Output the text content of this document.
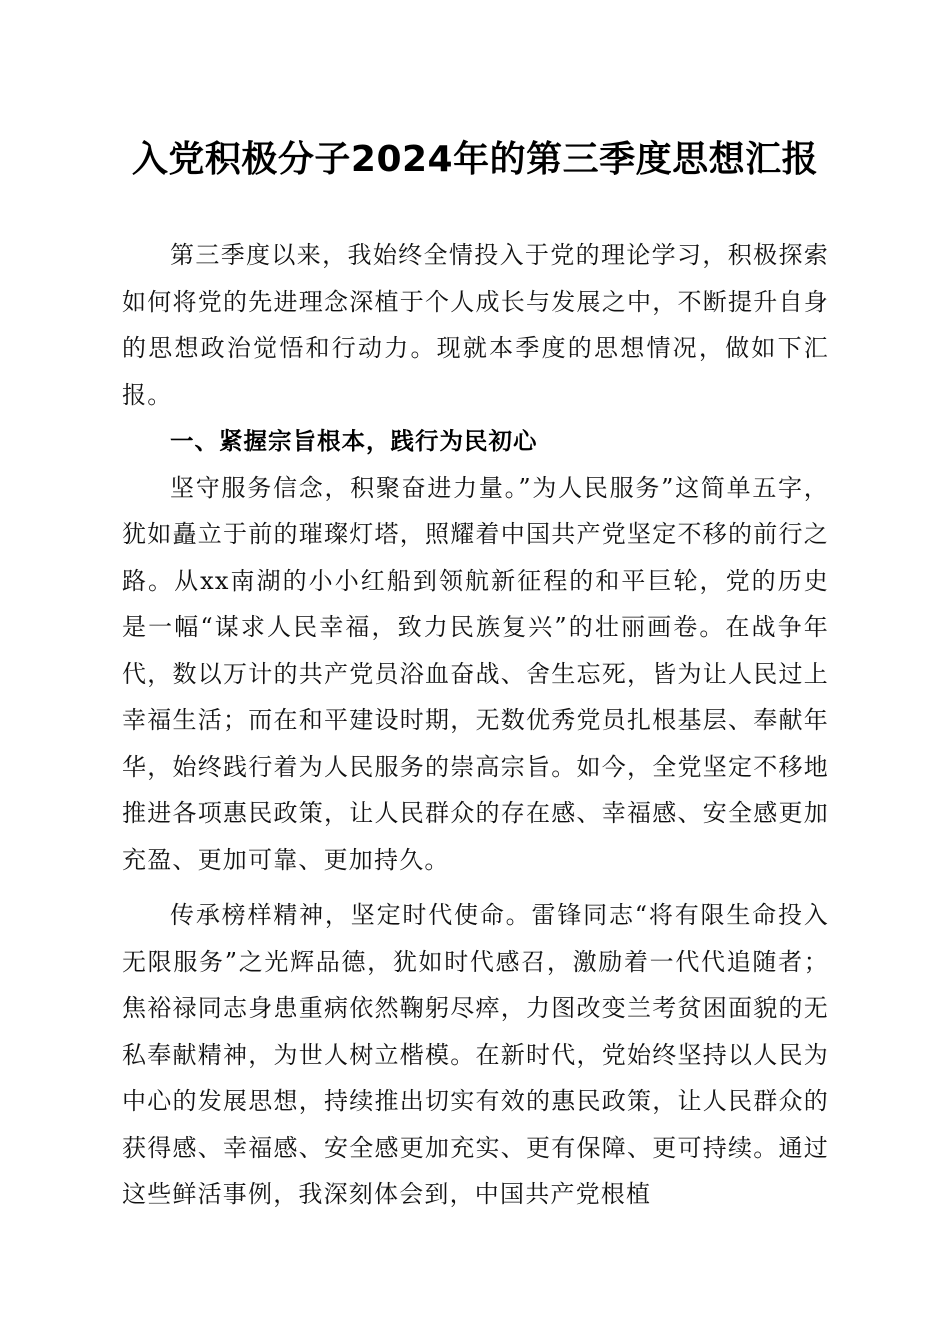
入党积极分子2024年的第三季度思想汇报

第三季度以来，我始终全情投入于党的理论学习，积极探索如何将党的先进理念深植于个人成长与发展之中，不断提升自身的思想政治觉悟和行动力。现就本季度的思想情况，做如下汇报。

一、紧握宗旨根本，践行为民初心

坚守服务信念，积聚奋进力量。”为人民服务”这简单五字，犹如矗立于前的璀璨灯塔，照耀着中国共产党坚定不移的前行之路。从xx南湖的小小红船到领航新征程的和平巨轮，党的历史是一幅“谋求人民幸福，致力民族复兴”的壮丽画卷。在战争年代，数以万计的共产党员浴血奋战、舍生忘死，皆为让人民过上幸福生活；而在和平建设时期，无数优秀党员扎根基层、奉献年华，始终践行着为人民服务的崇高宗旨。如今，全党坚定不移地推进各项惠民政策，让人民群众的存在感、幸福感、安全感更加充盈、更加可靠、更加持久。

传承榜样精神，坚定时代使命。雷锋同志“将有限生命投入无限服务”之光辉品德，犹如时代感召，激励着一代代追随者；焦裕禄同志身患重病依然鞠躬尽瘁，力图改变兰考贫困面貌的无私奉献精神，为世人树立楷模。在新时代，党始终坚持以人民为中心的发展思想，持续推出切实有效的惠民政策，让人民群众的获得感、幸福感、安全感更加充实、更有保障、更可持续。通过这些鲜活事例，我深刻体会到，中国共产党根植
